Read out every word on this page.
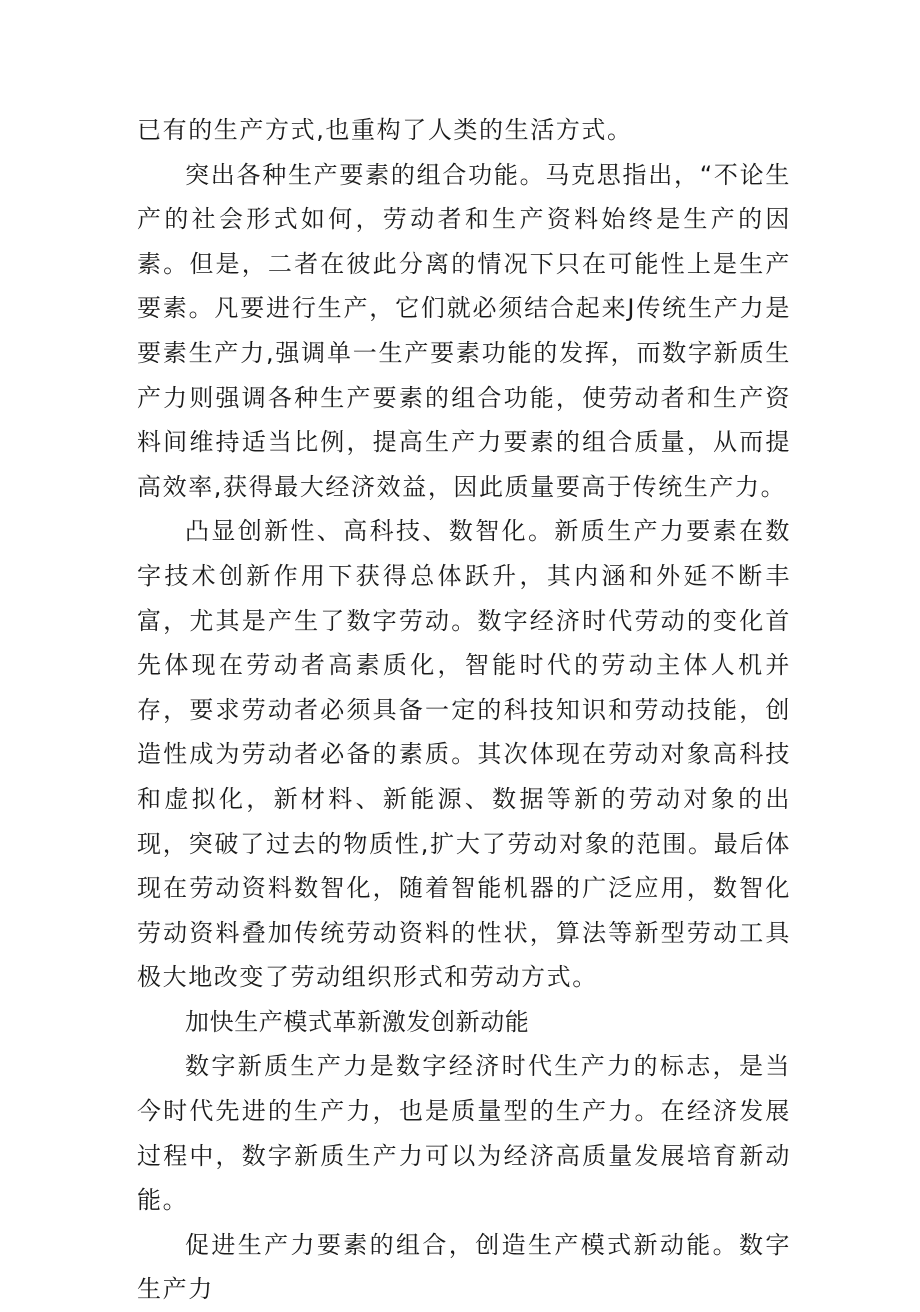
已有的生产方式,也重构了人类的生活方式。

突出各种生产要素的组合功能。马克思指出，“不论生产的社会形式如何，劳动者和生产资料始终是生产的因素。但是，二者在彼此分离的情况下只在可能性上是生产要素。凡要进行生产，它们就必须结合起来J传统生产力是要素生产力,强调单一生产要素功能的发挥，而数字新质生产力则强调各种生产要素的组合功能，使劳动者和生产资料间维持适当比例，提高生产力要素的组合质量，从而提高效率,获得最大经济效益，因此质量要高于传统生产力。

凸显创新性、高科技、数智化。新质生产力要素在数字技术创新作用下获得总体跃升，其内涵和外延不断丰富，尤其是产生了数字劳动。数字经济时代劳动的变化首先体现在劳动者高素质化，智能时代的劳动主体人机并存，要求劳动者必须具备一定的科技知识和劳动技能，创造性成为劳动者必备的素质。其次体现在劳动对象高科技和虚拟化，新材料、新能源、数据等新的劳动对象的出现，突破了过去的物质性,扩大了劳动对象的范围。最后体现在劳动资料数智化，随着智能机器的广泛应用，数智化劳动资料叠加传统劳动资料的性状，算法等新型劳动工具极大地改变了劳动组织形式和劳动方式。

加快生产模式革新激发创新动能

数字新质生产力是数字经济时代生产力的标志，是当今时代先进的生产力，也是质量型的生产力。在经济发展过程中，数字新质生产力可以为经济高质量发展培育新动能。

促进生产力要素的组合，创造生产模式新动能。数字生产力
